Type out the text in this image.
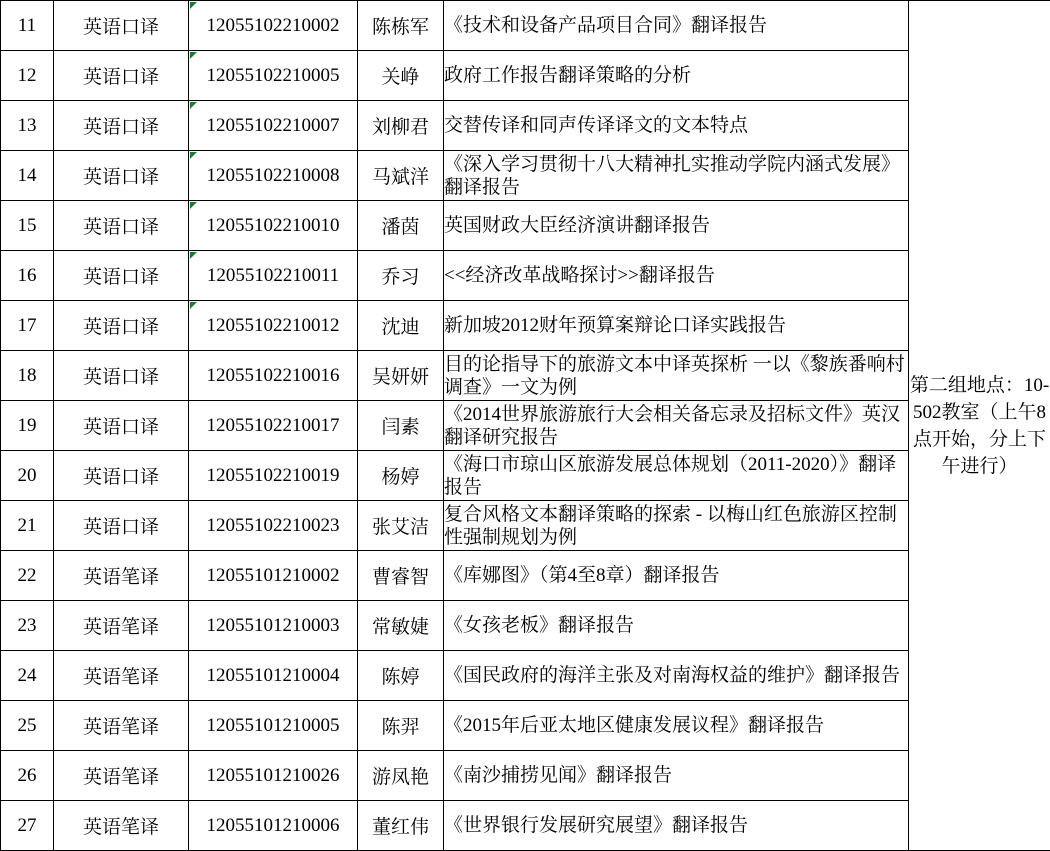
11	英语口译	12055102210002	陈栋军	《技术和设备产品项目合同》翻译报告	第二组地点：10-502教室（上午8点开始，分上下午进行）
12	英语口译	12055102210005	关峥	政府工作报告翻译策略的分析	
13	英语口译	12055102210007	刘柳君	交替传译和同声传译译文的文本特点	
14	英语口译	12055102210008	马斌洋	《深入学习贯彻十八大精神扎实推动学院内涵式发展》翻译报告	
15	英语口译	12055102210010	潘茵	英国财政大臣经济演讲翻译报告	
16	英语口译	12055102210011	乔习	<<经济改革战略探讨>>翻译报告	
17	英语口译	12055102210012	沈迪	新加坡2012财年预算案辩论口译实践报告	
18	英语口译	12055102210016	吴妍妍	目的论指导下的旅游文本中译英探析 一以《黎族番响村调查》一文为例	
19	英语口译	12055102210017	闫素	《2014世界旅游旅行大会相关备忘录及招标文件》英汉翻译研究报告	
20	英语口译	12055102210019	杨婷	《海口市琼山区旅游发展总体规划（2011-2020）》翻译报告	
21	英语口译	12055102210023	张艾洁	复合风格文本翻译策略的探索 - 以梅山红色旅游区控制性强制规划为例	
22	英语笔译	12055101210002	曹睿智	《库娜图》（第4至8章）翻译报告	
23	英语笔译	12055101210003	常敏婕	《女孩老板》翻译报告	
24	英语笔译	12055101210004	陈婷	《国民政府的海洋主张及对南海权益的维护》翻译报告	
25	英语笔译	12055101210005	陈羿	《2015年后亚太地区健康发展议程》翻译报告	
26	英语笔译	12055101210026	游凤艳	《南沙捕捞见闻》翻译报告	
27	英语笔译	12055101210006	董红伟	《世界银行发展研究展望》翻译报告	
